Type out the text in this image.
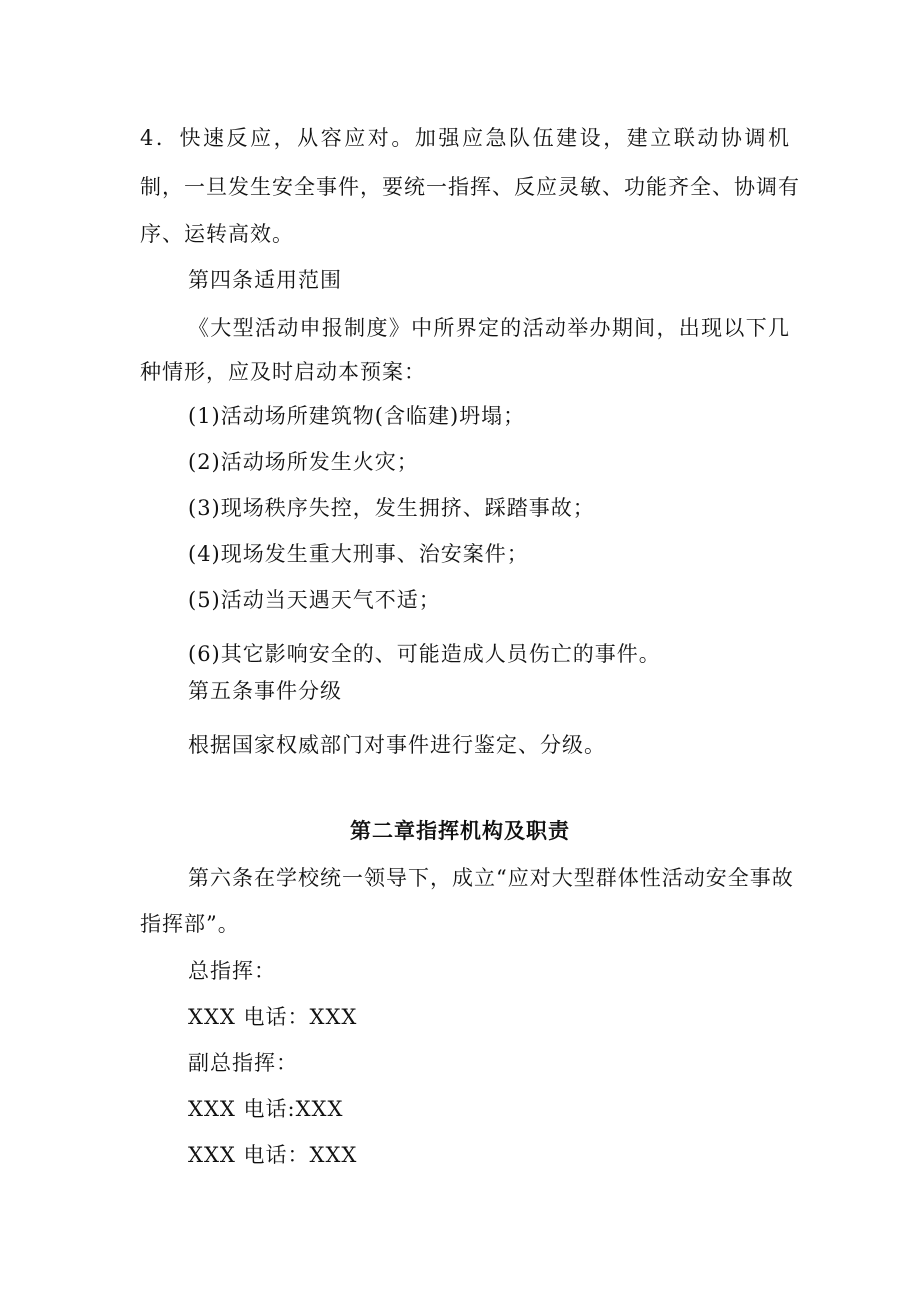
4．快速反应，从容应对。加强应急队伍建设，建立联动协调机
制，一旦发生安全事件，要统一指挥、反应灵敏、功能齐全、协调有
序、运转高效。
第四条适用范围
《大型活动申报制度》中所界定的活动举办期间，出现以下几
种情形，应及时启动本预案：
(1)活动场所建筑物(含临建)坍塌；
(2)活动场所发生火灾；
(3)现场秩序失控，发生拥挤、踩踏事故；
(4)现场发生重大刑事、治安案件；
(5)活动当天遇天气不适；
(6)其它影响安全的、可能造成人员伤亡的事件。
第五条事件分级
根据国家权威部门对事件进行鉴定、分级。
第二章指挥机构及职责
第六条在学校统一领导下，成立“应对大型群体性活动安全事故
指挥部”。
总指挥：
XXX 电话：XXX
副总指挥：
XXX 电话:XXX
XXX 电话：XXX
